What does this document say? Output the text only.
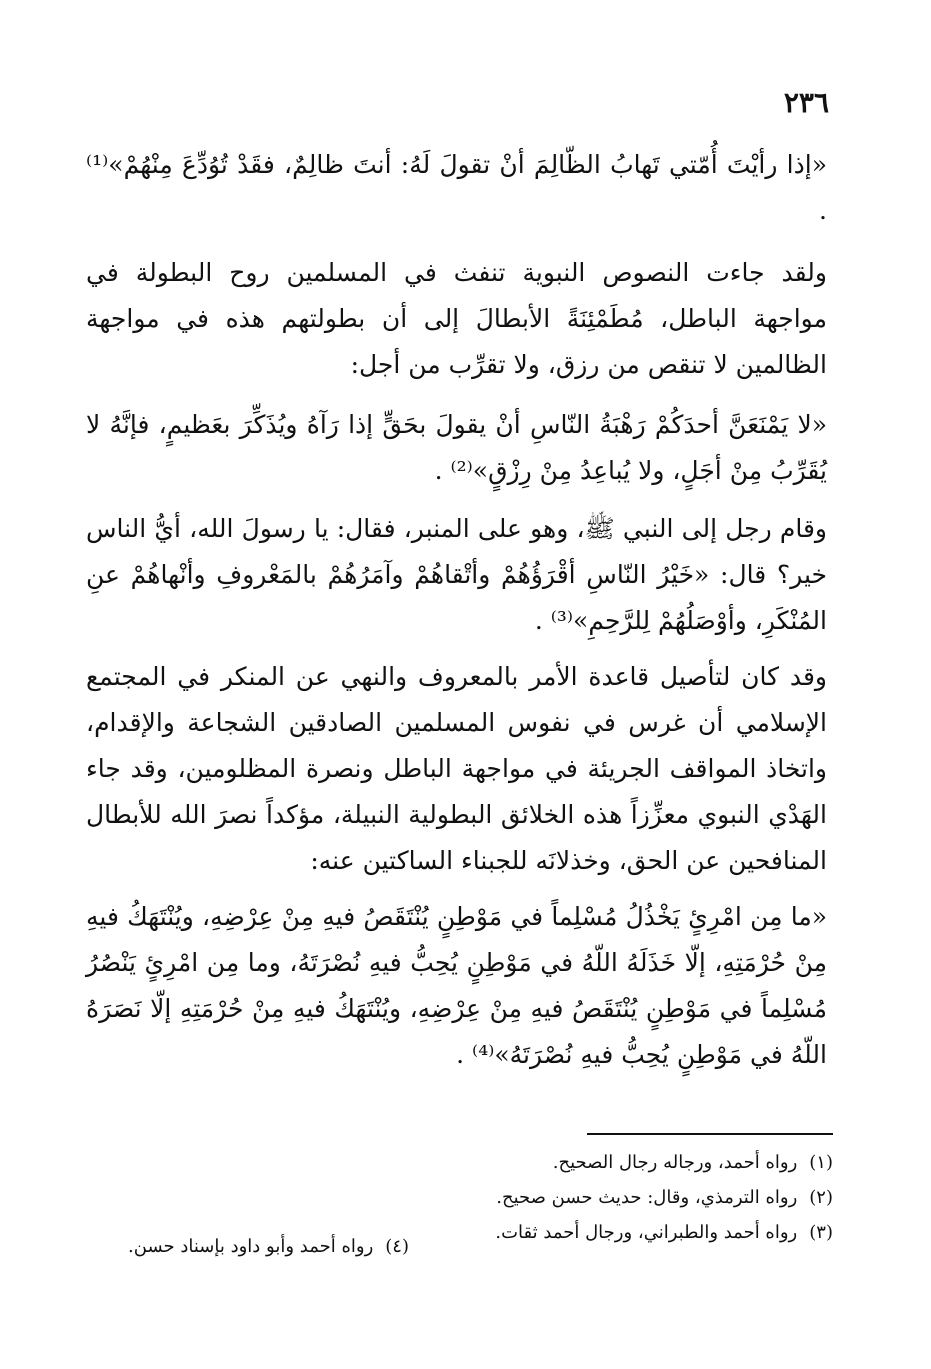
٢٣٦

«إذا رأيْتَ أُمّتي تَهابُ الظّالِمَ أنْ تقولَ لَهُ: أنتَ ظالِمٌ، فقَدْ تُوُدِّعَ مِنْهُمْ»⁽¹⁾ .

ولقد جاءت النصوص النبوية تنفث في المسلمين روح البطولة في مواجهة الباطل، مُطَمْئِنَةً الأبطالَ إلى أن بطولتهم هذه في مواجهة الظالمين لا تنقص من رزق، ولا تقرِّب من أجل:

«لا يَمْنَعَنَّ أحدَكُمْ رَهْبَةُ النّاسِ أنْ يقولَ بحَقٍّ إذا رَآهُ ويُذَكِّرَ بعَظيمٍ، فإنَّهُ لا يُقَرِّبُ مِنْ أجَلٍ، ولا يُباعِدُ مِنْ رِزْقٍ»⁽²⁾ .

وقام رجل إلى النبي ﷺ، وهو على المنبر، فقال: يا رسولَ الله، أيُّ الناس خير؟ قال: «خَيْرُ النّاسِ أقْرَؤُهُمْ وأتْقاهُمْ وآمَرُهُمْ بالمَعْروفِ وأنْهاهُمْ عنِ المُنْكَرِ، وأوْصَلُهُمْ لِلرَّحِمِ»⁽³⁾ .

وقد كان لتأصيل قاعدة الأمر بالمعروف والنهي عن المنكر في المجتمع الإسلامي أن غرس في نفوس المسلمين الصادقين الشجاعة والإقدام، واتخاذ المواقف الجريئة في مواجهة الباطل ونصرة المظلومين، وقد جاء الهَدْي النبوي معزِّزاً هذه الخلائق البطولية النبيلة، مؤكداً نصرَ الله للأبطال المنافحين عن الحق، وخذلانَه للجبناء الساكتين عنه:

«ما مِن امْرِئٍ يَخْذُلُ مُسْلِماً في مَوْطِنٍ يُنْتَقَصُ فيهِ مِنْ عِرْضِهِ، ويُنْتَهَكُ فيهِ مِنْ حُرْمَتِهِ، إلّا خَذَلَهُ اللّهُ في مَوْطِنٍ يُحِبُّ فيهِ نُصْرَتَهُ، وما مِن امْرِئٍ يَنْصُرُ مُسْلِماً في مَوْطِنٍ يُنْتَقَصُ فيهِ مِنْ عِرْضِهِ، ويُنْتَهَكُ فيهِ مِنْ حُرْمَتِهِ إلّا نَصَرَهُ اللّهُ في مَوْطِنٍ يُحِبُّ فيهِ نُصْرَتَهُ»⁽⁴⁾ .

(١)رواه أحمد، ورجاله رجال الصحيح.
(٢)رواه الترمذي، وقال: حديث حسن صحيح.
(٣)رواه أحمد والطبراني، ورجال أحمد ثقات.
(٤)رواه أحمد وأبو داود بإسناد حسن.
